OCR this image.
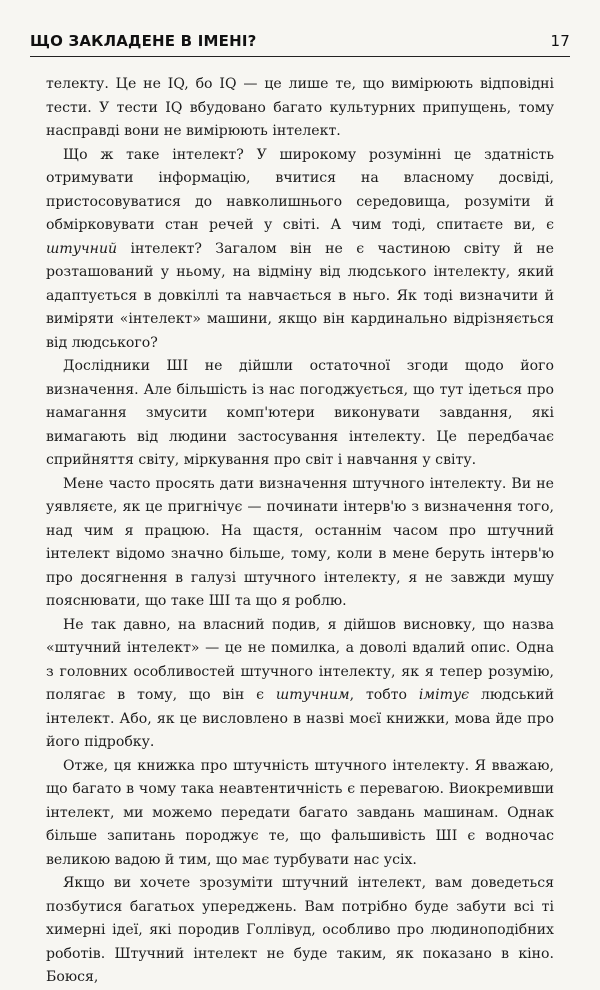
ЩО ЗАКЛАДЕНЕ В ІМЕНІ?	17

телекту. Це не IQ, бо IQ — це лише те, що вимірюють відповідні тести. У тести IQ вбудовано багато культурних припущень, тому насправді вони не вимірюють інтелект.

Що ж таке інтелект? У широкому розумінні це здатність отримувати інформацію, вчитися на власному досвіді, пристосовуватися до навколишнього середовища, розуміти й обмірковувати стан речей у світі. А чим тоді, спитаєте ви, є штучний інтелект? Загалом він не є частиною світу й не розташований у ньому, на відміну від людського інтелекту, який адаптується в довкіллі та навчається в ньго. Як тоді визначити й виміряти «інтелект» машини, якщо він кардинально відрізняється від людського?

Дослідники ШІ не дійшли остаточної згоди щодо його визначення. Але більшість із нас погоджується, що тут ідеться про намагання змусити комп'ютери виконувати завдання, які вимагають від людини застосування інтелекту. Це передбачає сприйняття світу, міркування про світ і навчання у світу.

Мене часто просять дати визначення штучного інтелекту. Ви не уявляєте, як це пригнічує — починати інтерв'ю з визначення того, над чим я працюю. На щастя, останнім часом про штучний інтелект відомо значно більше, тому, коли в мене беруть інтерв'ю про досягнення в галузі штучного інтелекту, я не завжди мушу пояснювати, що таке ШІ та що я роблю.

Не так давно, на власний подив, я дійшов висновку, що назва «штучний інтелект» — це не помилка, а доволі вдалий опис. Одна з головних особливостей штучного інтелекту, як я тепер розумію, полягає в тому, що він є штучним, тобто імітує людський інтелект. Або, як це висловлено в назві моєї книжки, мова йде про його підробку.

Отже, ця книжка про штучність штучного інтелекту. Я вважаю, що багато в чому така неавтентичність є перевагою. Виокремивши інтелект, ми можемо передати багато завдань машинам. Однак більше запитань породжує те, що фальшивість ШІ є водночас великою вадою й тим, що має турбувати нас усіх.

Якщо ви хочете зрозуміти штучний інтелект, вам доведеться позбутися багатьох упереджень. Вам потрібно буде забути всі ті химерні ідеї, які породив Голлівуд, особливо про людиноподібних роботів. Штучний інтелект не буде таким, як показано в кіно. Боюся,
